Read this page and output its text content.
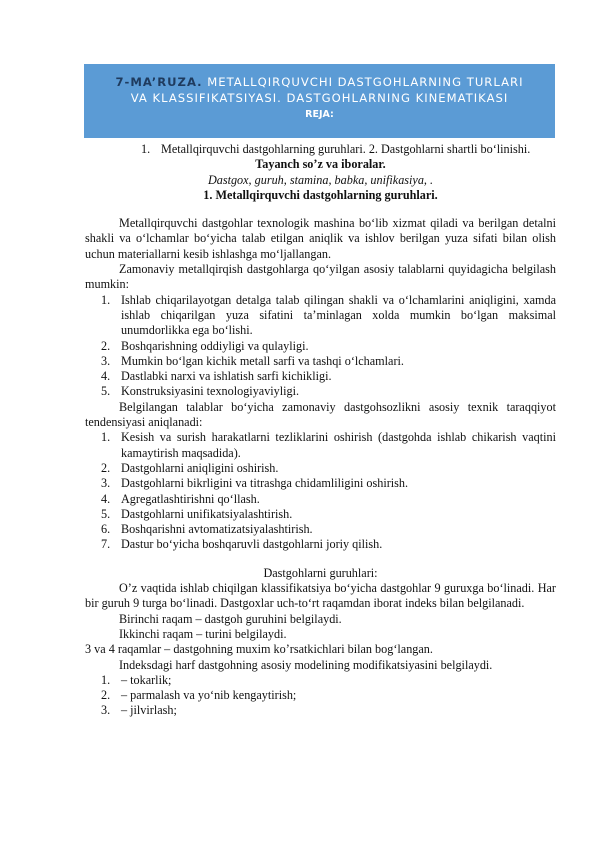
7-MA’RUZA. METALLQIRQUVCHI DASTGOHLARNING TURLARI
VA KLASSIFIKATSIYASI. DASTGOHLARNING KINEMATIKASI
REJA:
1. Metallqirquvchi dastgohlarning guruhlari. 2. Dastgohlarni shartli bo‘linishi.

Tayanch so’z va iboralar.

Dastgox, guruh, stamina, babka, unifikasiya, .

1. Metallqirquvchi dastgohlarning guruhlari.

Metallqirquvchi dastgohlar texnologik mashina bo‘lib xizmat qiladi va berilgan detalni shakli va o‘lchamlar bo‘yicha talab etilgan aniqlik va ishlov berilgan yuza sifati bilan olish uchun materiallarni kesib ishlashga mo‘ljallangan.

Zamonaviy metallqirqish dastgohlarga qo‘yilgan asosiy talablarni quyidagicha belgilash mumkin:

1. Ishlab chiqarilayotgan detalga talab qilingan shakli va o‘lchamlarini aniqligini, xamda ishlab chiqarilgan yuza sifatini ta’minlagan xolda mumkin bo‘lgan maksimal unumdorlikka ega bo‘lishi.
2. Boshqarishning oddiyligi va qulayligi.
3. Mumkin bo‘lgan kichik metall sarfi va tashqi o‘lchamlari.
4. Dastlabki narxi va ishlatish sarfi kichikligi.
5. Konstruksiyasini texnologiyaviyligi.

Belgilangan talablar bo‘yicha zamonaviy dastgohsozlikni asosiy texnik taraqqiyot tendensiyasi aniqlanadi:

1. Kesish va surish harakatlarni tezliklarini oshirish (dastgohda ishlab chikarish vaqtini kamaytirish maqsadida).
2. Dastgohlarni aniqligini oshirish.
3. Dastgohlarni bikrligini va titrashga chidamliligini oshirish.
4. Agregatlashtirishni qo‘llash.
5. Dastgohlarni unifikatsiyalashtirish.
6. Boshqarishni avtomatizatsiyalashtirish.
7. Dastur bo‘yicha boshqaruvli dastgohlarni joriy qilish.

Dastgohlarni guruhlari:

O’z vaqtida ishlab chiqilgan klassifikatsiya bo‘yicha dastgohlar 9 guruxga bo‘linadi. Har bir guruh 9 turga bo‘linadi. Dastgoxlar uch-to‘rt raqamdan iborat indeks bilan belgilanadi.

Birinchi raqam – dastgoh guruhini belgilaydi.

Ikkinchi raqam – turini belgilaydi.

3 va 4 raqamlar – dastgohning muxim ko’rsatkichlari bilan bog‘langan.

Indeksdagi harf dastgohning asosiy modelining modifikatsiyasini belgilaydi.

1. – tokarlik;
2. – parmalash va yo‘nib kengaytirish;
3. – jilvirlash;
